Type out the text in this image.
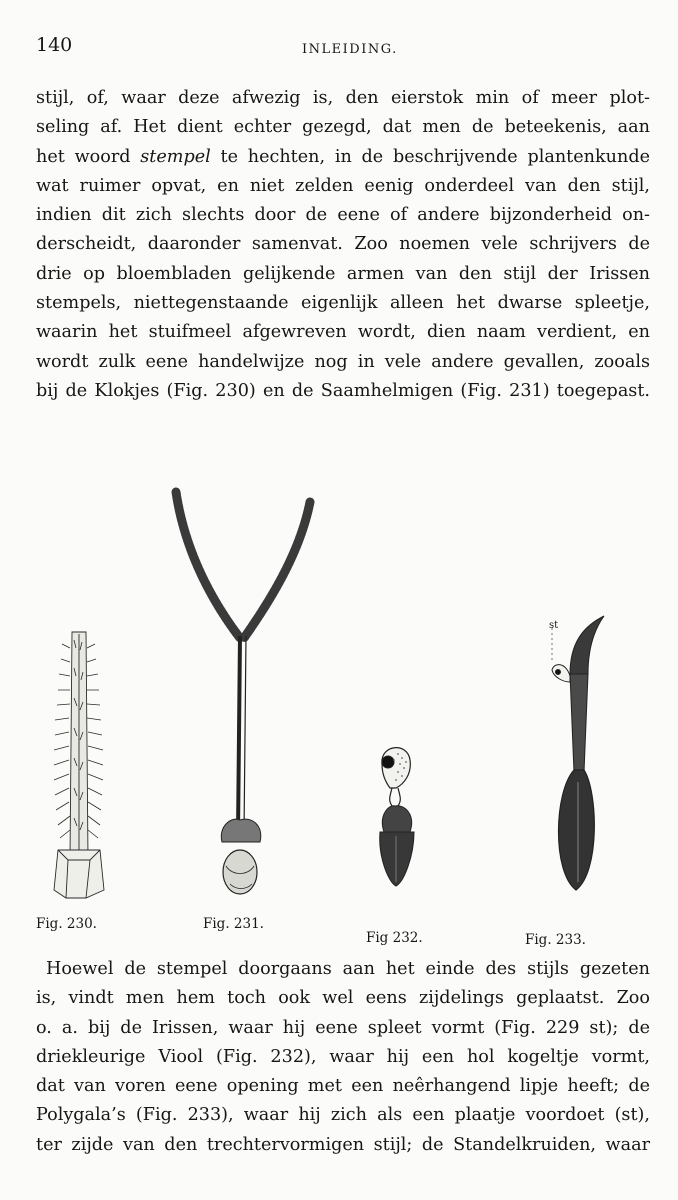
140	INLEIDING.
stijl, of, waar deze afwezig is, den eierstok min of meer plot-
seling af. Het dient echter gezegd, dat men de beteekenis, aan
het woord stempel te hechten, in de beschrijvende plantenkunde
wat ruimer opvat, en niet zelden eenig onderdeel van den stijl,
indien dit zich slechts door de eene of andere bijzonderheid on-
derscheidt, daaronder samenvat. Zoo noemen vele schrijvers de
drie op bloembladen gelijkende armen van den stijl der Irissen
stempels, niettegenstaande eigenlijk alleen het dwarse spleetje,
waarin het stuifmeel afgewreven wordt, dien naam verdient, en
wordt zulk eene handelwijze nog in vele andere gevallen, zooals
bij de Klokjes (Fig. 230) en de Saamhelmigen (Fig. 231) toegepast.
st
Fig. 230.	Fig. 231.
Fig 232.	Fig. 233.
Hoewel de stempel doorgaans aan het einde des stijls gezeten
is, vindt men hem toch ook wel eens zijdelings geplaatst. Zoo
o. a. bij de Irissen, waar hij eene spleet vormt (Fig. 229 st); de
driekleurige Viool (Fig. 232), waar hij een hol kogeltje vormt,
dat van voren eene opening met een neêrhangend lipje heeft; de
Polygala’s (Fig. 233), waar hij zich als een plaatje voordoet (st),
ter zijde van den trechtervormigen stijl; de Standelkruiden, waar
